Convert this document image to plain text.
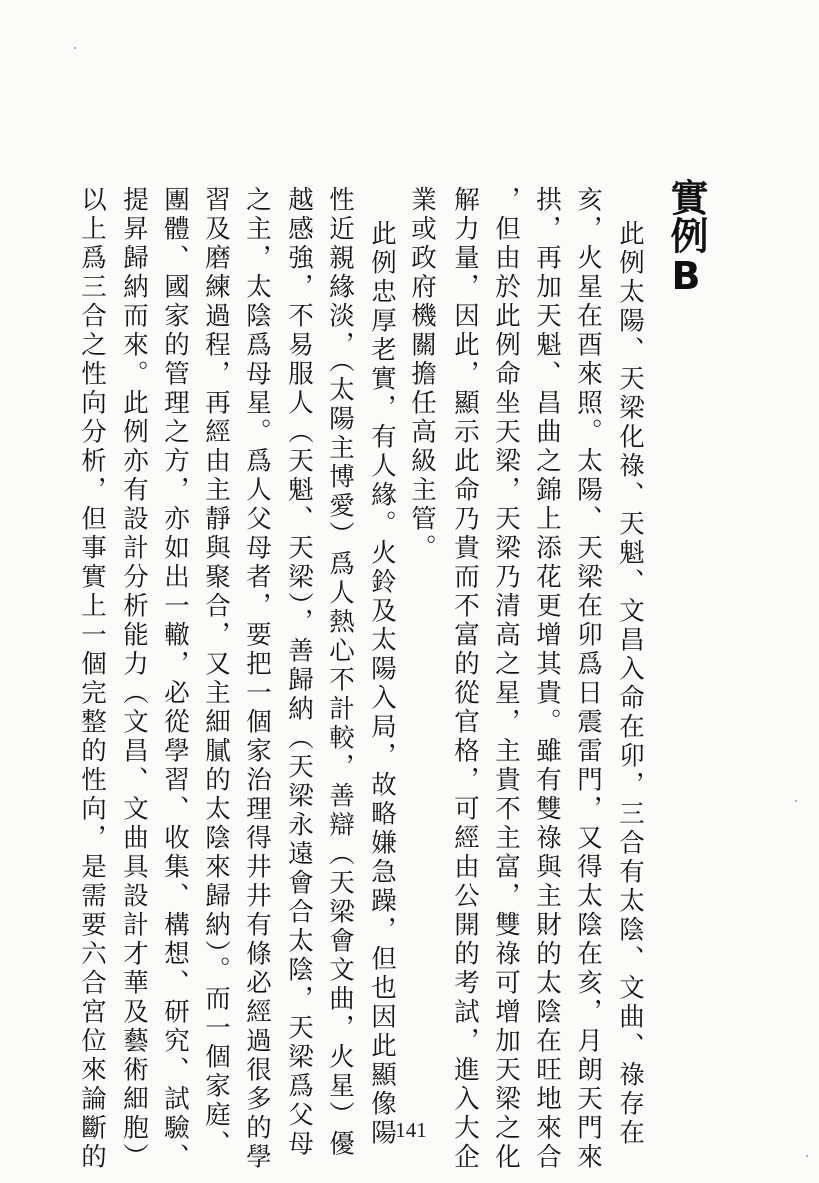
實例B
此例太陽、天梁化祿、天魁、文昌入命在卯，三合有太陰、文曲、祿存在
亥，火星在酉來照。太陽、天梁在卯爲日震雷門，又得太陰在亥，月朗天門來
拱，再加天魁、昌曲之錦上添花更增其貴。雖有雙祿與主財的太陰在旺地來合
，但由於此例命坐天梁，天梁乃清高之星，主貴不主富，雙祿可增加天梁之化
解力量，因此，顯示此命乃貴而不富的從官格，可經由公開的考試，進入大企
業或政府機關擔任高級主管。
此例忠厚老實，有人緣。火鈴及太陽入局，故略嫌急躁，但也因此顯像陽
性近親緣淡，（太陽主博愛）爲人熱心不計較，善辯（天梁會文曲，火星）優
越感強，不易服人（天魁、天梁），善歸納（天梁永遠會合太陰，天梁爲父母
之主，太陰爲母星。爲人父母者，要把一個家治理得井井有條必經過很多的學
習及磨練過程，再經由主靜與聚合，又主細膩的太陰來歸納）。而一個家庭、
團體、國家的管理之方，亦如出一轍，必從學習、收集、構想、研究、試驗、
提昇歸納而來。此例亦有設計分析能力（文昌、文曲具設計才華及藝術細胞）
以上爲三合之性向分析，但事實上一個完整的性向，是需要六合宮位來論斷的	141
